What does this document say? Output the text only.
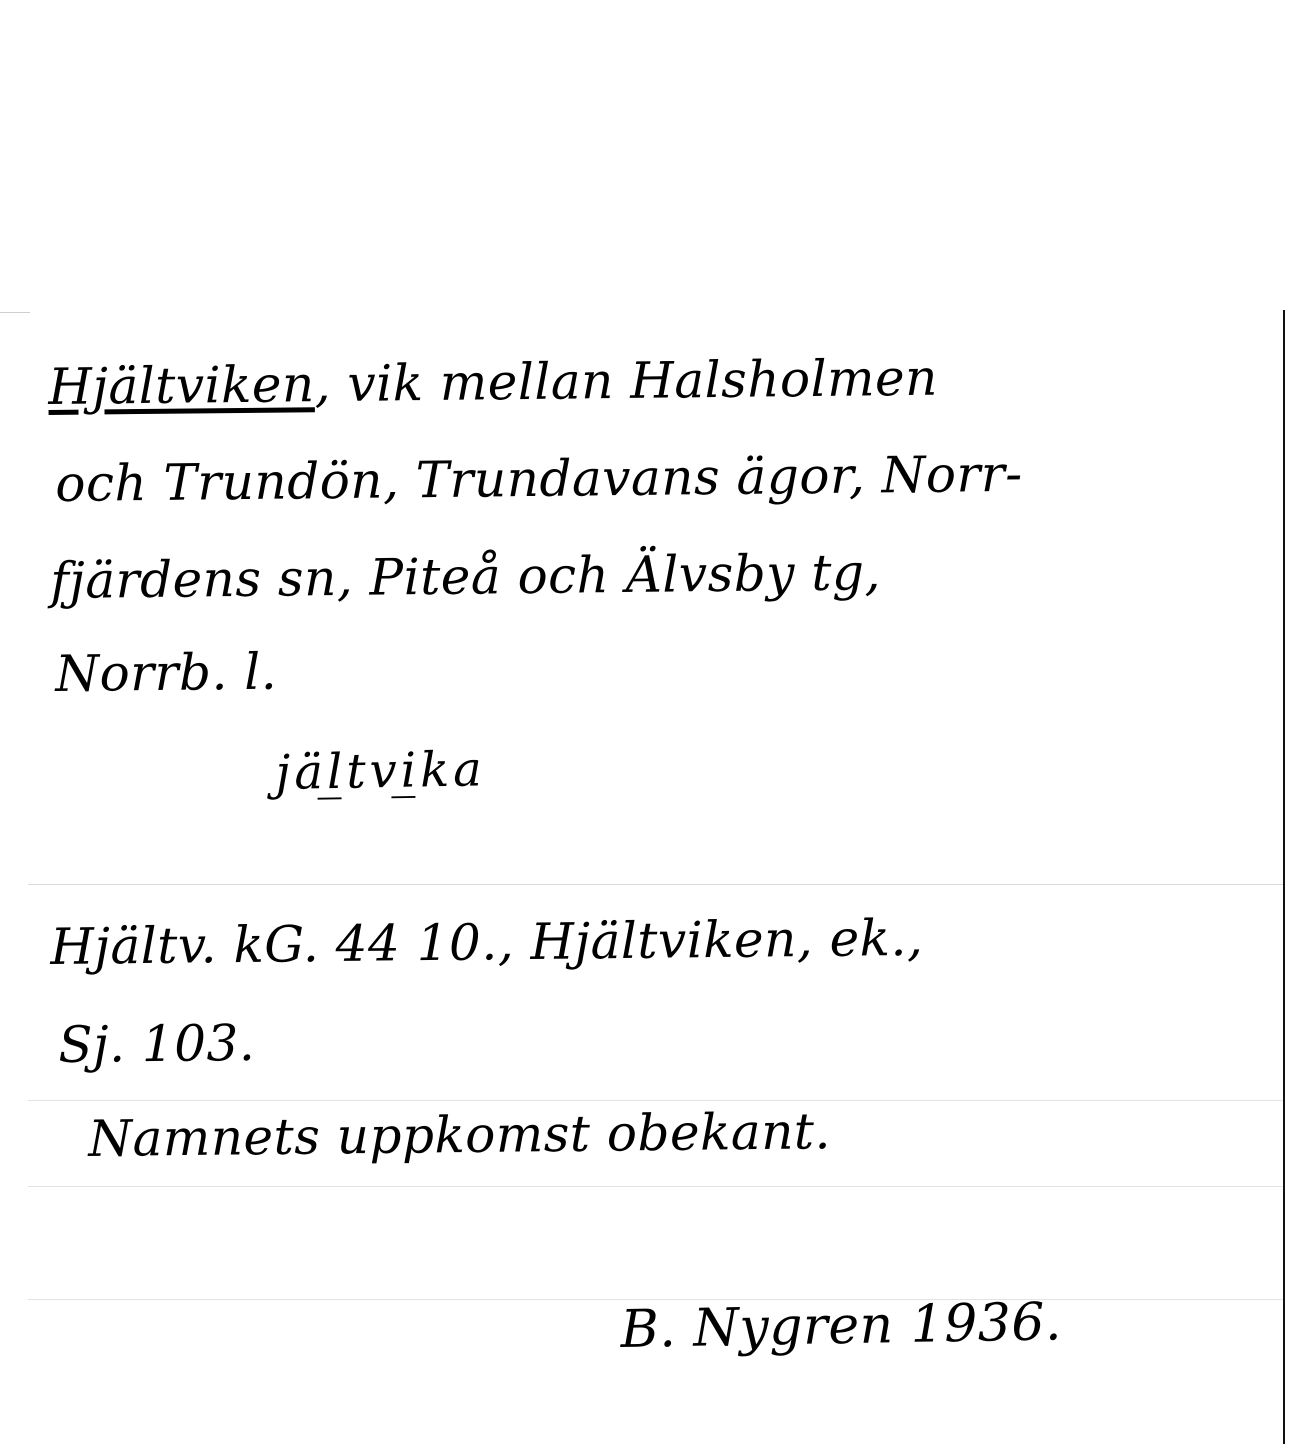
Hjältviken, vik mellan Halsholmen
och Trundön, Trundavans ägor, Norr-
fjärdens sn, Piteå och Älvsby tg,
Norrb. l.
jäl̲tvi̲ka
Hjältv. kG. 44 10., Hjältviken, ek.,
Sj. 103.
Namnets uppkomst obekant.
B. Nygren 1936.
